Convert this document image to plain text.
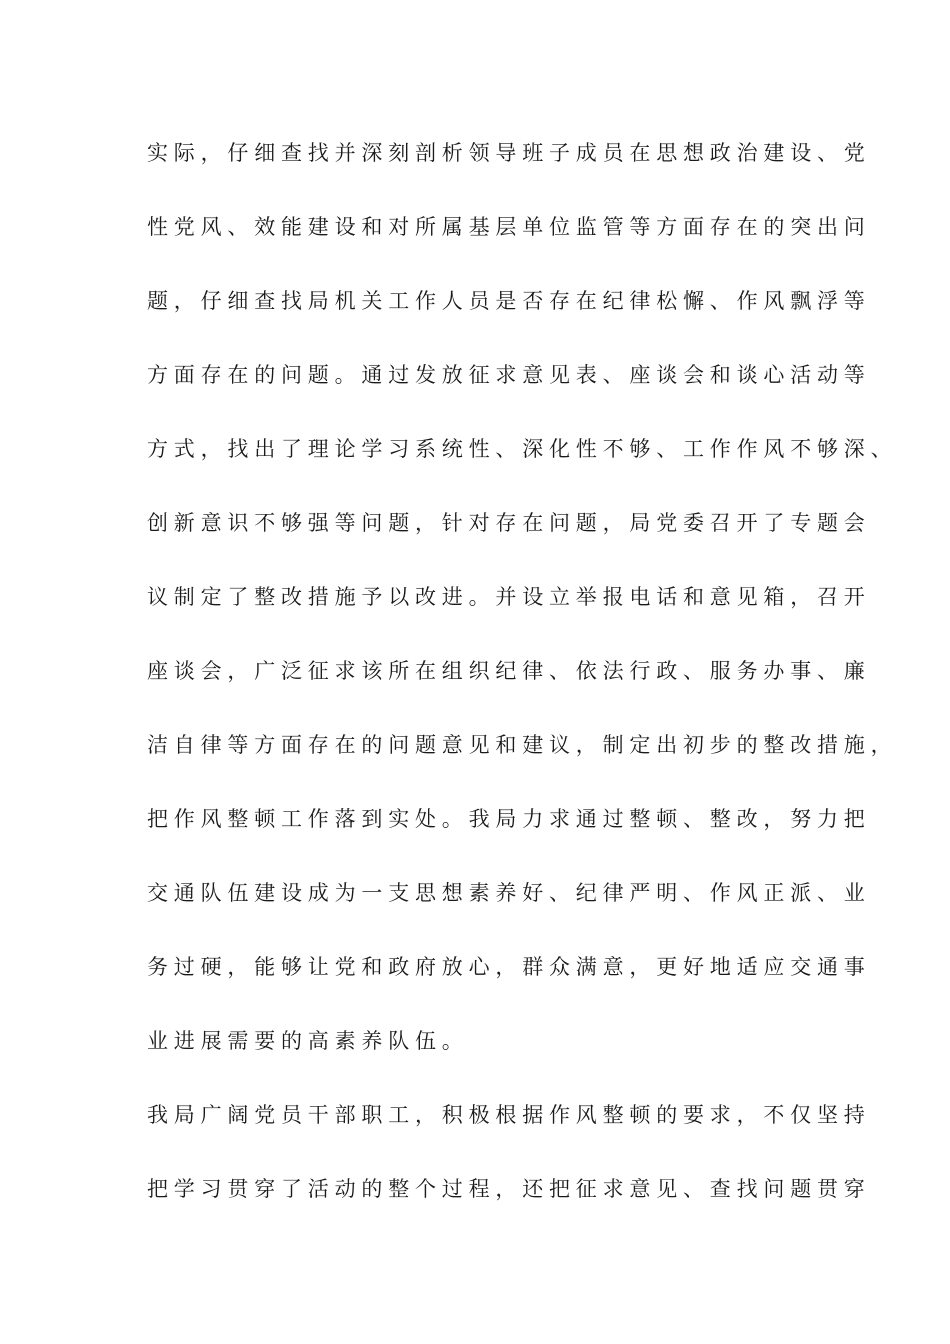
实际，仔细查找并深刻剖析领导班子成员在思想政治建设、党
性党风、效能建设和对所属基层单位监管等方面存在的突出问
题，仔细查找局机关工作人员是否存在纪律松懈、作风飘浮等
方面存在的问题。通过发放征求意见表、座谈会和谈心活动等
方式，找出了理论学习系统性、深化性不够、工作作风不够深、
创新意识不够强等问题，针对存在问题，局党委召开了专题会
议制定了整改措施予以改进。并设立举报电话和意见箱，召开
座谈会，广泛征求该所在组织纪律、依法行政、服务办事、廉
洁自律等方面存在的问题意见和建议，制定出初步的整改措施，
把作风整顿工作落到实处。我局力求通过整顿、整改，努力把
交通队伍建设成为一支思想素养好、纪律严明、作风正派、业
务过硬，能够让党和政府放心，群众满意，更好地适应交通事
业进展需要的高素养队伍。
我局广阔党员干部职工，积极根据作风整顿的要求，不仅坚持
把学习贯穿了活动的整个过程，还把征求意见、查找问题贯穿
